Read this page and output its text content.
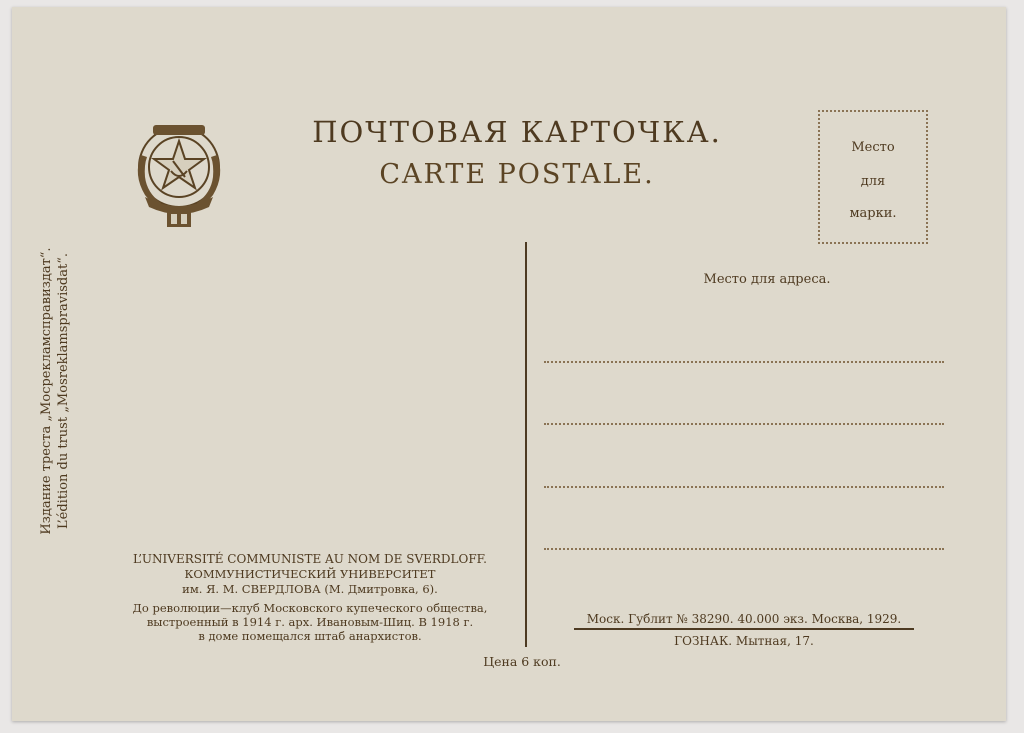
ПОЧТОВАЯ КАРТОЧКА.
CARTE POSTALE.
Место
для
марки.
Место для адреса.
Издание треста „Мосрекламсправиздат“. L’édition du trust „Mosreklamspravisdat“.
L’UNIVERSITÉ COMMUNISTE AU NOM DE SVERDLOFF.
КОММУНИСТИЧЕСКИЙ УНИВЕРСИТЕТ
им. Я. М. СВЕРДЛОВА (М. Дмитровка, 6).
До революции—клуб Московского купеческого общества,
выстроенный в 1914 г. арх. Ивановым-Шиц. В 1918 г.
в доме помещался штаб анархистов.
Моск. Гублит № 38290. 40.000 экз. Москва, 1929.
ГОЗНАК. Мытная, 17.
Цена 6 коп.
